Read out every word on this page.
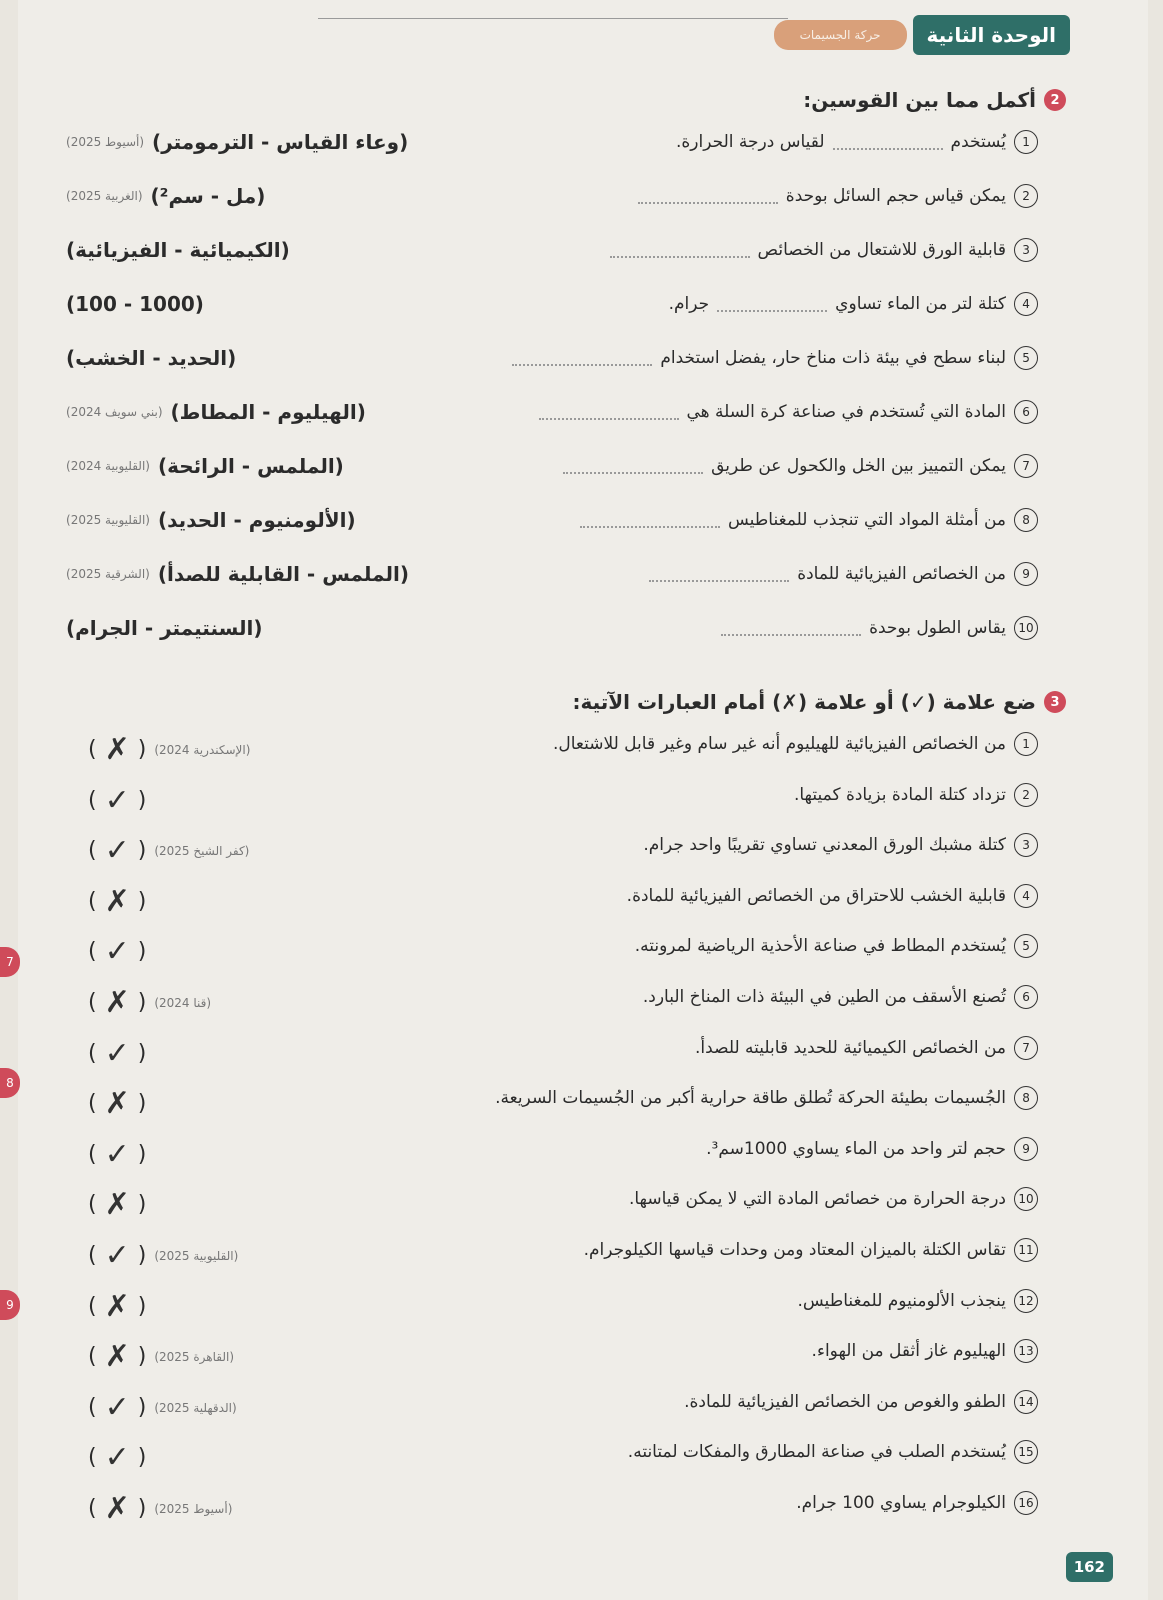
الوحدة الثانية
حركة الجسيمات
2
أكمل مما بين القوسين:
1
يُستخدم
لقياس درجة الحرارة.
(وعاء القياس - الترمومتر)
(أسيوط 2025)
2
يمكن قياس حجم السائل بوحدة
(مل - سم²)
(الغربية 2025)
3
قابلية الورق للاشتعال من الخصائص
(الكيميائية - الفيزيائية)
4
كتلة لتر من الماء تساوي
جرام.
(1000 - 100)
5
لبناء سطح في بيئة ذات مناخ حار، يفضل استخدام
(الحديد - الخشب)
6
المادة التي تُستخدم في صناعة كرة السلة هي
(الهيليوم - المطاط)
(بني سويف 2024)
7
يمكن التمييز بين الخل والكحول عن طريق
(الملمس - الرائحة)
(القليوبية 2024)
8
من أمثلة المواد التي تنجذب للمغناطيس
(الألومنيوم - الحديد)
(القليوبية 2025)
9
من الخصائص الفيزيائية للمادة
(الملمس - القابلية للصدأ)
(الشرقية 2025)
10
يقاس الطول بوحدة
(السنتيمتر - الجرام)
3
ضع علامة (✓) أو علامة (✗) أمام العبارات الآتية:
1
من الخصائص الفيزيائية للهيليوم أنه غير سام وغير قابل للاشتعال.
( ✗ ) (الإسكندرية 2024)
2
تزداد كتلة المادة بزيادة كميتها.
( ✓ )
3
كتلة مشبك الورق المعدني تساوي تقريبًا واحد جرام.
( ✓ ) (كفر الشيخ 2025)
4
قابلية الخشب للاحتراق من الخصائص الفيزيائية للمادة.
( ✗ )
5
يُستخدم المطاط في صناعة الأحذية الرياضية لمرونته.
( ✓ )
6
تُصنع الأسقف من الطين في البيئة ذات المناخ البارد.
( ✗ ) (قنا 2024)
7
من الخصائص الكيميائية للحديد قابليته للصدأ.
( ✓ )
8
الجُسيمات بطيئة الحركة تُطلق طاقة حرارية أكبر من الجُسيمات السريعة.
( ✗ )
9
حجم لتر واحد من الماء يساوي 1000سم³.
( ✓ )
10
درجة الحرارة من خصائص المادة التي لا يمكن قياسها.
( ✗ )
11
تقاس الكتلة بالميزان المعتاد ومن وحدات قياسها الكيلوجرام.
( ✓ ) (القليوبية 2025)
12
ينجذب الألومنيوم للمغناطيس.
( ✗ )
13
الهيليوم غاز أثقل من الهواء.
( ✗ ) (القاهرة 2025)
14
الطفو والغوص من الخصائص الفيزيائية للمادة.
( ✓ ) (الدقهلية 2025)
15
يُستخدم الصلب في صناعة المطارق والمفكات لمتانته.
( ✓ )
16
الكيلوجرام يساوي 100 جرام.
( ✗ ) (أسيوط 2025)
7
8
9
162
